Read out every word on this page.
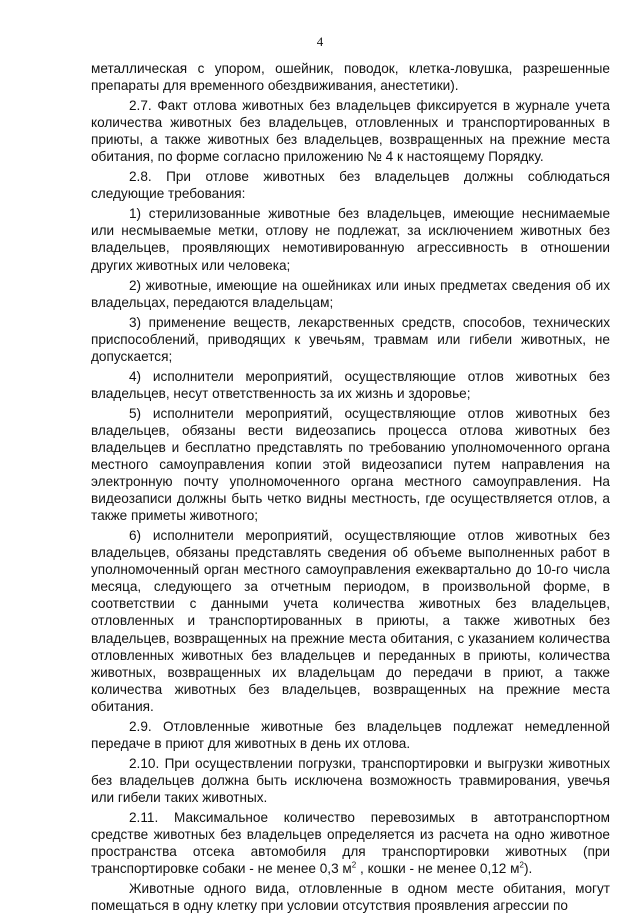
4

металлическая с упором, ошейник, поводок, клетка-ловушка, разрешенные препараты для временного обездвиживания, анестетики).

2.7. Факт отлова животных без владельцев фиксируется в журнале учета количества животных без владельцев, отловленных и транспортированных в приюты, а также животных без владельцев, возвращенных на прежние места обитания, по форме согласно приложению № 4 к настоящему Порядку.

2.8. При отлове животных без владельцев должны соблюдаться следующие требования:

1) стерилизованные животные без владельцев, имеющие неснимаемые или несмываемые метки, отлову не подлежат, за исключением животных без владельцев, проявляющих немотивированную агрессивность в отношении других животных или человека;

2) животные, имеющие на ошейниках или иных предметах сведения об их владельцах, передаются владельцам;

3) применение веществ, лекарственных средств, способов, технических приспособлений, приводящих к увечьям, травмам или гибели животных, не допускается;

4) исполнители мероприятий, осуществляющие отлов животных без владельцев, несут ответственность за их жизнь и здоровье;

5) исполнители мероприятий, осуществляющие отлов животных без владельцев, обязаны вести видеозапись процесса отлова животных без владельцев и бесплатно представлять по требованию уполномоченного органа местного самоуправления копии этой видеозаписи путем направления на электронную почту уполномоченного органа местного самоуправления. На видеозаписи должны быть четко видны местность, где осуществляется отлов, а также приметы животного;

6) исполнители мероприятий, осуществляющие отлов животных без владельцев, обязаны представлять сведения об объеме выполненных работ в уполномоченный орган местного самоуправления ежеквартально до 10-го числа месяца, следующего за отчетным периодом, в произвольной форме, в соответствии с данными учета количества животных без владельцев, отловленных и транспортированных в приюты, а также животных без владельцев, возвращенных на прежние места обитания, с указанием количества отловленных животных без владельцев и переданных в приюты, количества животных, возвращенных их владельцам до передачи в приют, а также количества животных без владельцев, возвращенных на прежние места обитания.

2.9. Отловленные животные без владельцев подлежат немедленной передаче в приют для животных в день их отлова.

2.10. При осуществлении погрузки, транспортировки и выгрузки животных без владельцев должна быть исключена возможность травмирования, увечья или гибели таких животных.

2.11. Максимальное количество перевозимых в автотранспортном средстве животных без владельцев определяется из расчета на одно животное пространства отсека автомобиля для транспортировки животных (при транспортировке собаки - не менее 0,3 $м^2$ , кошки - не менее 0,12 $м^2$).

Животные одного вида, отловленные в одном месте обитания, могут помещаться в одну клетку при условии отсутствия проявления агрессии по
